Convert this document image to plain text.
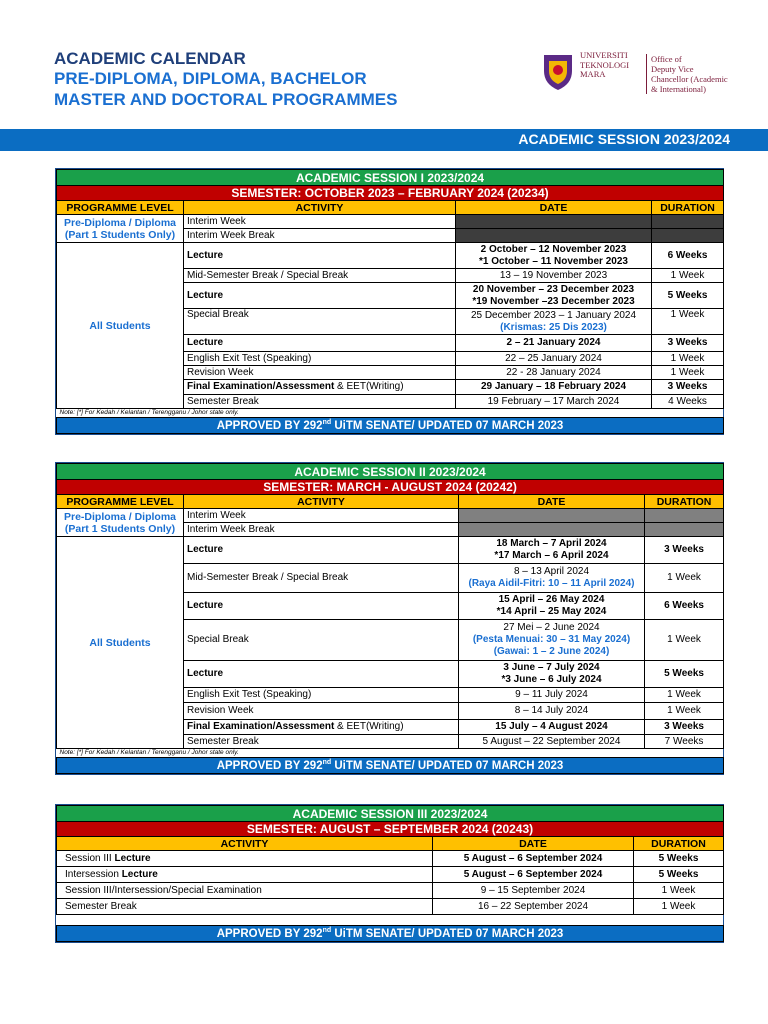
ACADEMIC CALENDAR
PRE-DIPLOMA, DIPLOMA, BACHELOR
MASTER AND DOCTORAL PROGRAMMES
UNIVERSITI
TEKNOLOGI
MARA
Office of
Deputy Vice
Chancellor (Academic
& International)
ACADEMIC SESSION 2023/2024
ACADEMIC SESSION I 2023/2024			
SEMESTER: OCTOBER 2023 – FEBRUARY 2024 (20234)			
PROGRAMME LEVEL	ACTIVITY	DATE	DURATION

Pre-Diploma / Diploma
(Part 1 Students Only)	Interim Week		
	Interim Week Break		
All Students	Lecture	2 October – 12 November 2023
*1 October – 11 November 2023	6 Weeks
	Mid-Semester Break / Special Break	13 – 19 November 2023	1 Week
	Lecture	20 November – 23 December 2023
*19 November –23 December 2023	5 Weeks
	Special Break	25 December 2023 – 1 January 2024
(Krismas: 25 Dis 2023)	1 Week
	Lecture	2 – 21 January 2024	3 Weeks
	English Exit Test (Speaking)	22 – 25 January 2024	1 Week
	Revision Week	22 - 28 January 2024	1 Week
	Final Examination/Assessment & EET(Writing)	29 January – 18 February 2024	3 Weeks
	Semester Break	19 February – 17 March 2024	4 Weeks
Note: [*] For Kedah / Kelantan / Terengganu / Johor state only.			
APPROVED BY 292nd UiTM SENATE/ UPDATED 07 MARCH 2023			
ACADEMIC SESSION II 2023/2024			
SEMESTER: MARCH - AUGUST 2024 (20242)			
PROGRAMME LEVEL	ACTIVITY	DATE	DURATION

Pre-Diploma / Diploma
(Part 1 Students Only)	Interim Week		
	Interim Week Break		
All Students	Lecture	18 March – 7 April 2024
*17 March – 6 April 2024	3 Weeks
	Mid-Semester Break / Special Break	8 – 13 April 2024
(Raya Aidil-Fitri: 10 – 11 April 2024)	1 Week
	Lecture	15 April – 26 May 2024
*14 April – 25 May 2024	6 Weeks
	Special Break	27 Mei – 2 June 2024
(Pesta Menuai: 30 – 31 May 2024)
(Gawai: 1 – 2 June 2024)	1 Week
	Lecture	3 June – 7 July 2024
*3 June – 6 July 2024	5 Weeks
	English Exit Test (Speaking)	9 – 11 July 2024	1 Week
	Revision Week	8 – 14 July 2024	1 Week
	Final Examination/Assessment & EET(Writing)	15 July – 4 August 2024	3 Weeks
	Semester Break	5 August – 22 September 2024	7 Weeks
Note: [*] For Kedah / Kelantan / Terengganu / Johor state only.			
APPROVED BY 292nd UiTM SENATE/ UPDATED 07 MARCH 2023			
ACADEMIC SESSION III 2023/2024		
SEMESTER: AUGUST – SEPTEMBER 2024 (20243)		
ACTIVITY	DATE	DURATION
Session III Lecture	5 August – 6 September 2024	5 Weeks
Intersession Lecture	5 August – 6 September 2024	5 Weeks
Session III/Intersession/Special Examination	9 – 15 September 2024	1 Week
Semester Break	16 – 22 September 2024	1 Week

APPROVED BY 292nd UiTM SENATE/ UPDATED 07 MARCH 2023		
